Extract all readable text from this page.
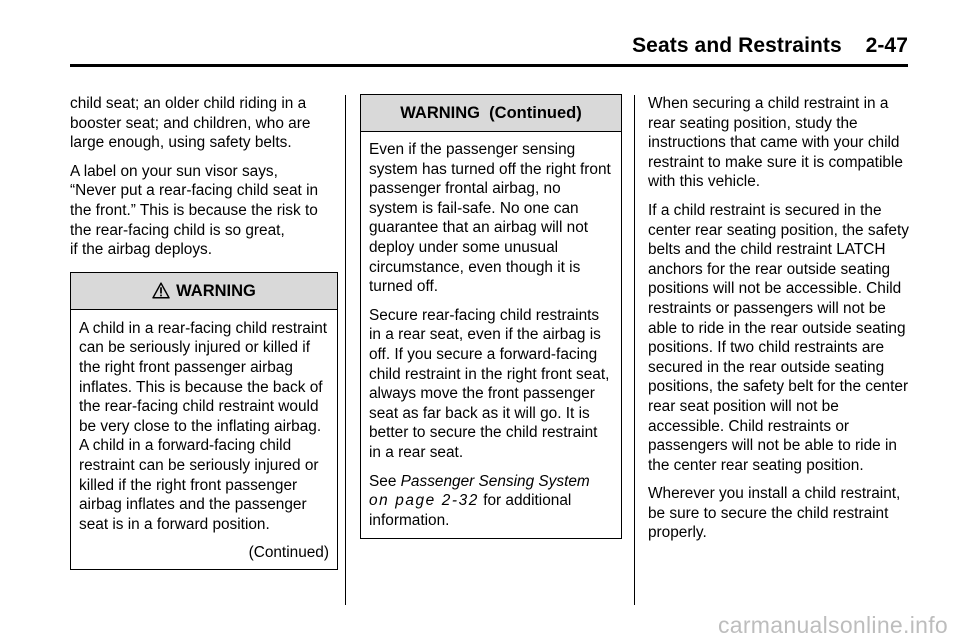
Seats and Restraints 2-47

child seat; an older child riding in a booster seat; and children, who are large enough, using safety belts.

A label on your sun visor says,
“Never put a rear-facing child seat in
the front.” This is because the risk to
the rear-facing child is so great,
if the airbag deploys.

WARNING

A child in a rear-facing child restraint can be seriously injured or killed if the right front passenger airbag inflates. This is because the back of the rear-facing child restraint would be very close to the inflating airbag. A child in a forward-facing child restraint can be seriously injured or killed if the right front passenger airbag inflates and the passenger seat is in a forward position.

(Continued)
WARNING  (Continued)

Even if the passenger sensing system has turned off the right front passenger frontal airbag, no system is fail-safe. No one can guarantee that an airbag will not deploy under some unusual circumstance, even though it is turned off.

Secure rear-facing child restraints in a rear seat, even if the airbag is off. If you secure a forward-facing child restraint in the right front seat, always move the front passenger seat as far back as it will go. It is better to secure the child restraint in a rear seat.

See Passenger Sensing System
on page 2-32 for additional information.

When securing a child restraint in a rear seating position, study the instructions that came with your child restraint to make sure it is compatible with this vehicle.

If a child restraint is secured in the center rear seating position, the safety belts and the child restraint LATCH anchors for the rear outside seating positions will not be accessible. Child restraints or passengers will not be able to ride in the rear outside seating positions. If two child restraints are secured in the rear outside seating positions, the safety belt for the center rear seat position will not be accessible. Child restraints or passengers will not be able to ride in the center rear seating position.

Wherever you install a child restraint, be sure to secure the child restraint properly.

carmanualsonline.info
